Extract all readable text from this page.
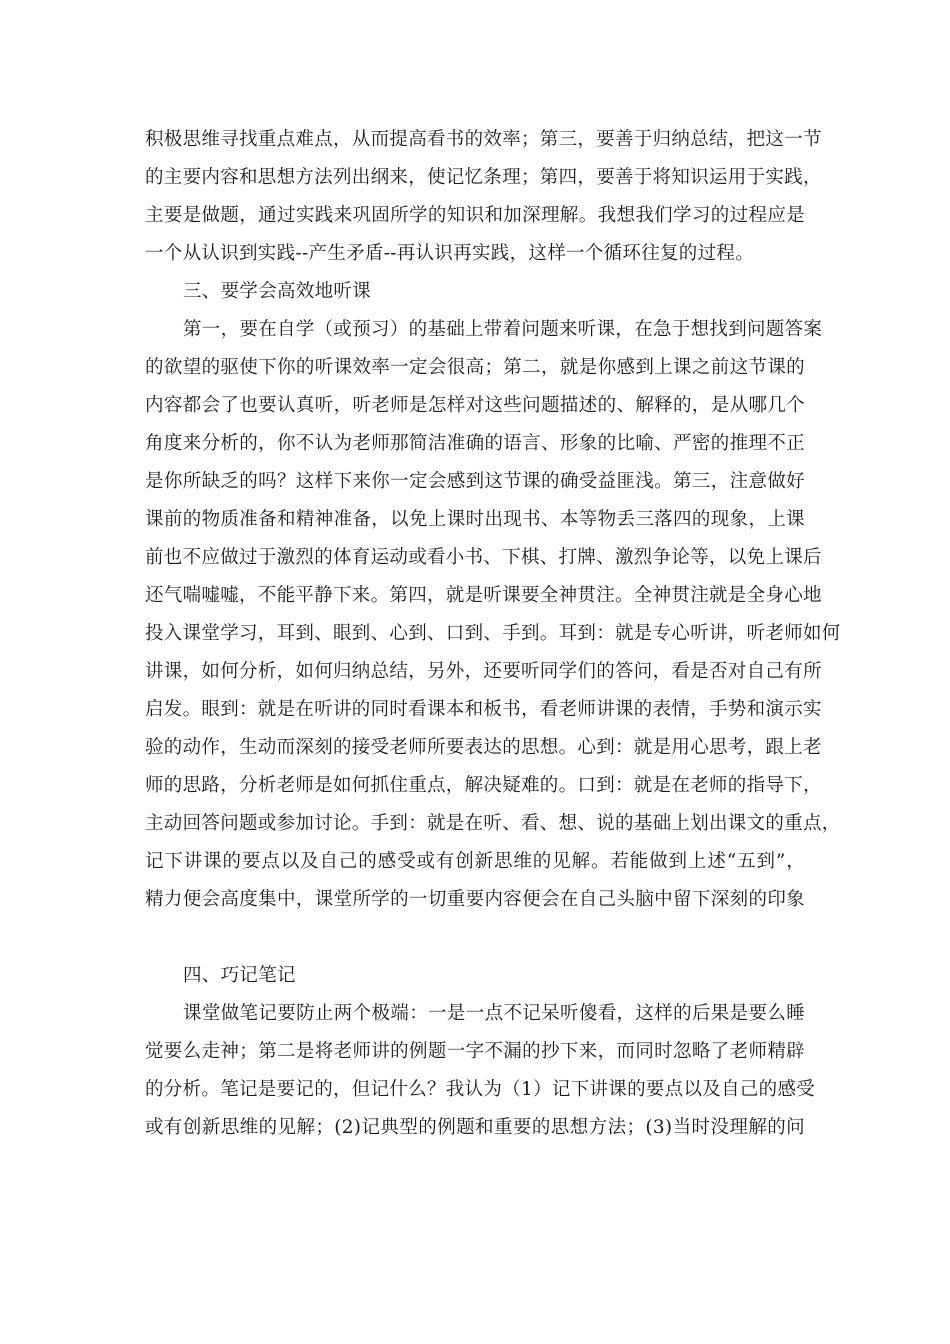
积极思维寻找重点难点，从而提高看书的效率；第三，要善于归纳总结，把这一节
的主要内容和思想方法列出纲来，使记忆条理；第四，要善于将知识运用于实践，
主要是做题，通过实践来巩固所学的知识和加深理解。我想我们学习的过程应是
一个从认识到实践--产生矛盾--再认识再实践，这样一个循环往复的过程。
三、要学会高效地听课
第一，要在自学（或预习）的基础上带着问题来听课，在急于想找到问题答案
的欲望的驱使下你的听课效率一定会很高；第二，就是你感到上课之前这节课的
内容都会了也要认真听，听老师是怎样对这些问题描述的、解释的，是从哪几个
角度来分析的，你不认为老师那简洁准确的语言、形象的比喻、严密的推理不正
是你所缺乏的吗？这样下来你一定会感到这节课的确受益匪浅。第三，注意做好
课前的物质准备和精神准备，以免上课时出现书、本等物丢三落四的现象，上课
前也不应做过于激烈的体育运动或看小书、下棋、打牌、激烈争论等，以免上课后
还气喘嘘嘘，不能平静下来。第四，就是听课要全神贯注。全神贯注就是全身心地
投入课堂学习，耳到、眼到、心到、口到、手到。耳到：就是专心听讲，听老师如何
讲课，如何分析，如何归纳总结，另外，还要听同学们的答问，看是否对自己有所
启发。眼到：就是在听讲的同时看课本和板书，看老师讲课的表情，手势和演示实
验的动作，生动而深刻的接受老师所要表达的思想。心到：就是用心思考，跟上老
师的思路，分析老师是如何抓住重点，解决疑难的。口到：就是在老师的指导下，
主动回答问题或参加讨论。手到：就是在听、看、想、说的基础上划出课文的重点，
记下讲课的要点以及自己的感受或有创新思维的见解。若能做到上述“五到”，
精力便会高度集中，课堂所学的一切重要内容便会在自己头脑中留下深刻的印象
四、巧记笔记
课堂做笔记要防止两个极端：一是一点不记呆听傻看，这样的后果是要么睡
觉要么走神；第二是将老师讲的例题一字不漏的抄下来，而同时忽略了老师精辟
的分析。笔记是要记的，但记什么？我认为（1）记下讲课的要点以及自己的感受
或有创新思维的见解；(2)记典型的例题和重要的思想方法；(3)当时没理解的问
